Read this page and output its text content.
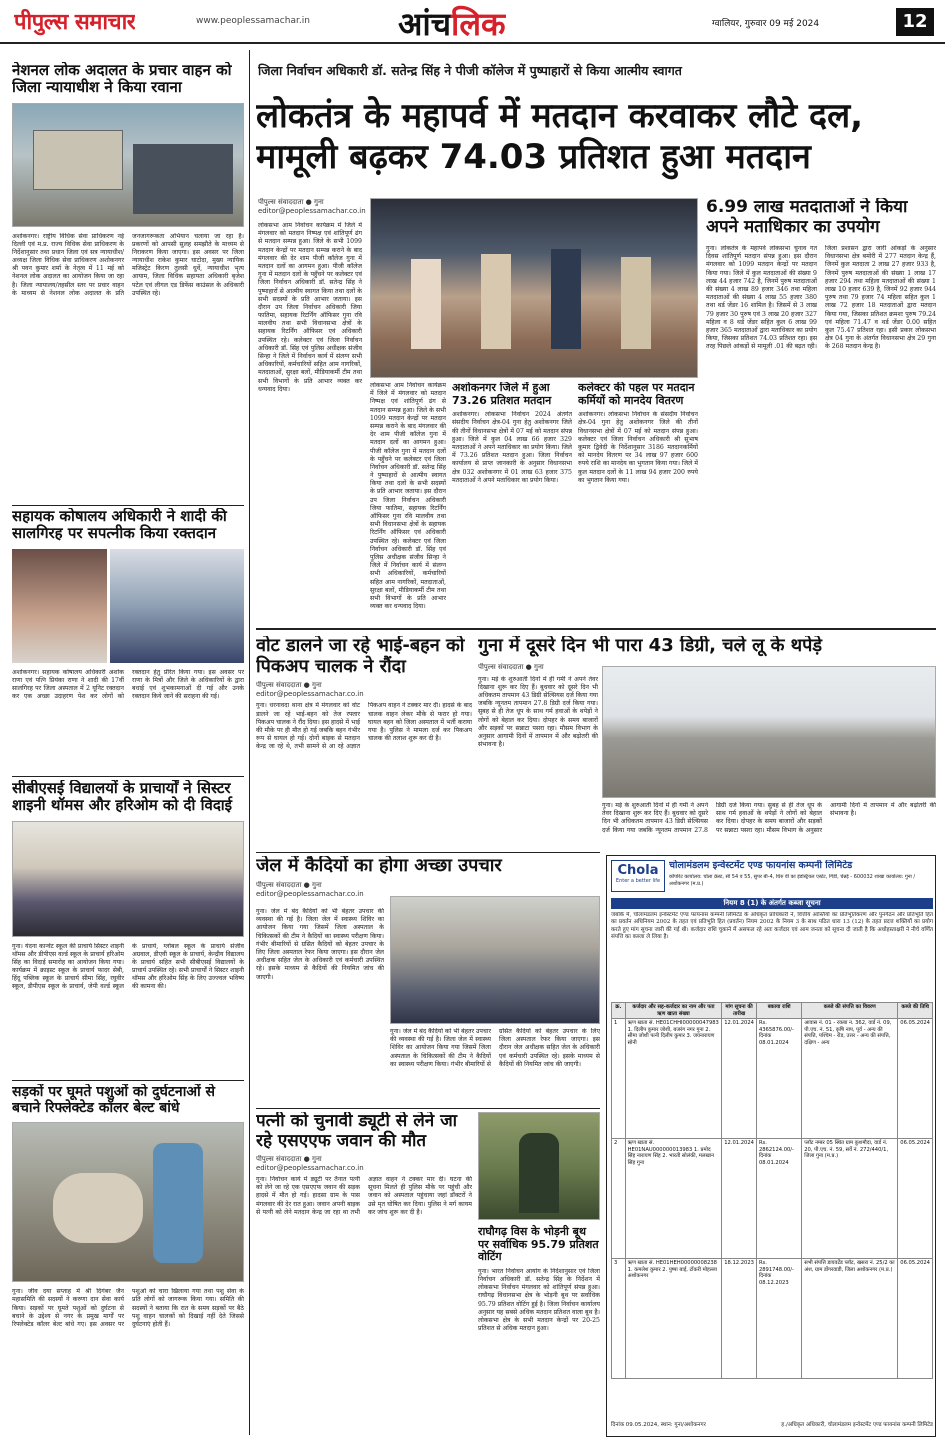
पीपुल्स समाचार	www.peoplessamachar.in	आंचलिक	ग्वालियर, गुरुवार 09 मई 2024	12
नेशनल लोक अदालत के प्रचार वाहन को जिला न्यायाधीश ने किया रवाना
अशोकनगर। राष्ट्रीय विधिक सेवा प्राधिकरण नई दिल्ली एवं म.प्र. राज्य विधिक सेवा प्राधिकरण के निर्देशानुसार तथा प्रधान जिला एवं सत्र न्यायाधीश/अध्यक्ष जिला विधिक सेवा प्राधिकरण अशोकनगर श्री पवन कुमार शर्मा के नेतृत्व में 11 मई को नेशनल लोक अदालत का आयोजन किया जा रहा है। जिला न्यायालय/तहसील स्तर पर प्रचार वाहन के माध्यम से नेशनल लोक अदालत के प्रति जनजागरूकता अभियान चलाया जा रहा है। प्रकरणों को आपसी सुलह समझौते के माध्यम से निराकरण किया जाएगा। इस अवसर पर जिला न्यायाधीश राकेश कुमार घाटोदा, मुख्य न्यायिक मजिस्ट्रेट किरण तुलसी धुर्वे, न्यायाधीश भृत्य आयाम, जिला विधिक सहायता अधिकारी बृजेश पटेल एवं लीगल एड डिफेंस काउंसल के अधिकारी उपस्थित रहे।
सहायक कोषालय अधिकारी ने शादी की सालगिरह पर सपत्नीक किया रक्तदान
अशोकनगर। सहायक कोषालय अधिकारी अशोक राणा एवं पत्नि प्रियंका राणा ने शादी की 17वीं सालगिरह पर जिला अस्पताल में 2 यूनिट रक्तदान कर एक अच्छा उदाहरण पेश कर लोगों को रक्तदान हेतु प्रेरित किया गया। इस अवसर पर राणा के मित्रों और जिले के अधिकारियों के द्वारा बधाई एवं शुभकामनाओं दी गई और उनके रक्तदान किये जाने की सराहना की गई।
सीबीएसई विद्यालयों के प्राचार्यों ने सिस्टर शाइनी थॉमस और हरिओम को दी विदाई
गुना। यंदना कान्वेंट स्कूल की प्राचार्य सिस्टर शाइनी थॉमस और डीपीएस वर्ल्ड स्कूल के प्राचार्य हरिओम सिंह का विदाई समारोह का आयोजन किया गया। कार्यक्रम में क्राइस्ट स्कूल के प्राचार्य फादर सेबी, हिंदू पब्लिक स्कूल के प्राचार्य सीमा सिंह, रघुवीर स्कूल, डीपीएस स्कूल के प्राचार्य, जेपी वर्ल्ड स्कूल के प्राचार्य, ग्लोबल स्कूल के प्राचार्य संजीव अग्रवाल, डीएवी स्कूल के प्राचार्य, केन्द्रीय विद्यालय के प्राचार्य सहित सभी सीबीएसई विद्यालयों के प्राचार्य उपस्थित रहे। सभी प्राचार्यों ने सिस्टर शाइनी थॉमस और हरिओम सिंह के लिए उज्ज्वल भविष्य की कामना की।
सड़कों पर घूमते पशुओं को दुर्घटनाओं से बचाने रिफ्लेक्टेड कॉलर बेल्ट बांधे
गुना। जीव दया सप्ताह में श्री दिगंबर जैन महासमिति की सदस्यों ने करुणा दान सेवा कार्य किया। सड़कों पर घूमते पशुओं को दुर्घटना से बचाने के उद्देश्य से नगर के प्रमुख मार्गों पर रिफ्लेक्टेड कॉलर बेल्ट बांधे गए। इस अवसर पर पशुओं को चारा खिलाया गया तथा पशु सेवा के प्रति लोगों को जागरूक किया गया। समिति की सदस्यों ने बताया कि रात के समय सड़कों पर बैठे पशु वाहन चालकों को दिखाई नहीं देते जिससे दुर्घटनाएं होती हैं।
जिला निर्वाचन अधिकारी डॉ. सतेन्द्र सिंह ने पीजी कॉलेज में पुष्पाहारों से किया आत्मीय स्वागत
लोकतंत्र के महापर्व में मतदान करवाकर लौटे दल, मामूली बढ़कर 74.03 प्रतिशत हुआ मतदान
पीपुल्स संवाददाता ● गुना
editor@peoplessamachar.co.in
लोकसभा आम निर्वाचन कार्यक्रम में जिले में मंगलवार को मतदान निष्पक्ष एवं शांतिपूर्ण ढंग से मतदान सम्पन्न हुआ। जिले के सभी 1099 मतदान केन्द्रों पर मतदान सम्पन्न कराने के बाद मंगलवार की देर शाम पीजी कॉलेज गुना में मतदान दलों का आगमन हुआ। पीजी कॉलेज गुना में मतदान दलों के पहुँचने पर कलेक्टर एवं जिला निर्वाचन अधिकारी डॉ. सतेन्द्र सिंह ने पुष्पाहारों से आत्मीय स्वागत किया तथा दलों के सभी सदस्यों के प्रति आभार जताया। इस दौरान उप जिला निर्वाचन अधिकारी जिया फातिमा, सहायक रिटर्निंग ऑफिसर गुना रवि मालवीय तथा सभी विधानसभा क्षेत्रों के सहायक रिटर्निंग ऑफिसर एवं अधिकारी उपस्थित रहे। कलेक्टर एवं जिला निर्वाचन अधिकारी डॉ. सिंह एवं पुलिस अधीक्षक संजीव सिन्हा ने जिले में निर्वाचन कार्य में संलग्न सभी अधिकारियों, कर्मचारियों सहित आम नागरिकों, मतदाताओं, सुरक्षा बलों, मीडियाकर्मी टीम तथा सभी विभागों के प्रति आभार व्यक्त कर धन्यवाद दिया।	अशोकनगर जिले में हुआ 73.26 प्रतिशत मतदान
अशोकनगर। लोकसभा निर्वाचन 2024 अंतर्गत संसदीय निर्वाचन क्षेत्र-04 गुना हेतु अशोकनगर जिले की तीनों विधानसभा क्षेत्रों में 07 मई को मतदान संपन्न हुआ। जिले में कुल 04 लाख 66 हजार 329 मतदाताओं ने अपने मताधिकार का प्रयोग किया। जिले में 73.26 प्रतिशत मतदान हुआ। जिला निर्वाचन कार्यालय से प्राप्त जानकारी के अनुसार विधानसभा क्षेत्र 032 अशोकनगर में 01 लाख 63 हजार 375 मतदाताओं ने अपने मताधिकार का प्रयोग किया।
लोकसभा आम निर्वाचन कार्यक्रम में जिले में मंगलवार को मतदान निष्पक्ष एवं शांतिपूर्ण ढंग से मतदान सम्पन्न हुआ। जिले के सभी 1099 मतदान केन्द्रों पर मतदान सम्पन्न कराने के बाद मंगलवार की देर शाम पीजी कॉलेज गुना में मतदान दलों का आगमन हुआ। पीजी कॉलेज गुना में मतदान दलों के पहुँचने पर कलेक्टर एवं जिला निर्वाचन अधिकारी डॉ. सतेन्द्र सिंह ने पुष्पाहारों से आत्मीय स्वागत किया तथा दलों के सभी सदस्यों के प्रति आभार जताया। इस दौरान उप जिला निर्वाचन अधिकारी जिया फातिमा, सहायक रिटर्निंग ऑफिसर गुना रवि मालवीय तथा सभी विधानसभा क्षेत्रों के सहायक रिटर्निंग ऑफिसर एवं अधिकारी उपस्थित रहे। कलेक्टर एवं जिला निर्वाचन अधिकारी डॉ. सिंह एवं पुलिस अधीक्षक संजीव सिन्हा ने जिले में निर्वाचन कार्य में संलग्न सभी अधिकारियों, कर्मचारियों सहित आम नागरिकों, मतदाताओं, सुरक्षा बलों, मीडियाकर्मी टीम तथा सभी विभागों के प्रति आभार व्यक्त कर धन्यवाद दिया।
कलेक्टर की पहल पर मतदान कर्मियों को मानदेय वितरण
अशोकनगर। लोकसभा निर्वाचन के संसदीय निर्वाचन क्षेत्र-04 गुना हेतु अशोकनगर जिले की तीनों विधानसभा क्षेत्रों में 07 मई को मतदान संपन्न हुआ। कलेक्टर एवं जिला निर्वाचन अधिकारी श्री सुभाष कुमार द्विवेदी के निर्देशानुसार 3186 मतदानकर्मियों को मानदेय वितरण पर 34 लाख 97 हजार 600 रुपये राशि का मानदेय का भुगतान किया गया। जिले में कुल मतदान दलों के 11 लाख 94 हजार 200 रुपये का भुगतान किया गया।
6.99 लाख मतदाताओं ने किया अपने मताधिकार का उपयोग
गुना। लोकतंत्र के महापर्व लोकसभा चुनाव गत दिवस शांतिपूर्ण मतदान संपन्न हुआ। इस दौरान मंगलवार को 1099 मतदान केन्द्रों पर मतदान किया गया। जिले में कुल मतदाताओं की संख्या 9 लाख 44 हजार 742 है, जिनमें पुरुष मतदाताओं की संख्या 4 लाख 89 हजार 346 तथा महिला मतदाताओं की संख्या 4 लाख 55 हजार 380 तथा थर्ड जेंडर 16 शामिल है। जिसमें से 3 लाख 79 हजार 30 पुरुष एवं 3 लाख 20 हजार 327 महिला व 8 थर्ड जेंडर सहित कुल 6 लाख 99 हजार 365 मतदाताओं द्वारा मताधिकार का प्रयोग किया, जिसका प्रतिशत 74.03 प्रतिशत रहा। इस तरह पिछले आंकड़ों से मामूली .01 की बढ़त रही। जिला प्रशासन द्वारा जारी आंकड़ों के अनुसार विधानसभा क्षेत्र बमोरी में 277 मतदान केन्द्र हैं, जिनमें कुल मतदाता 2 लाख 27 हजार 933 है, जिनमें पुरुष मतदाताओं की संख्या 1 लाख 17 हजार 294 तथा महिला मतदाताओं की संख्या 1 लाख 10 हजार 639 है, जिनमें 92 हजार 944 पुरुष तथा 79 हजार 74 महिला सहित कुल 1 लाख 72 हजार 18 मतदाताओं द्वारा मतदान किया गया, जिसका प्रतिशत क्रमशः पुरुष 79.24 एवं महिला 71.47 व थर्ड जेंडर 0.00 सहित कुल 75.47 प्रतिशत रहा। इसी प्रकार लोकसभा क्षेत्र 04 गुना के अंतर्गत विधानसभा क्षेत्र 29 गुना के 268 मतदान केन्द्र है।
वोट डालने जा रहे भाई-बहन को पिकअप चालक ने रौंदा
पीपुल्स संवाददाता ● गुना
editor@peoplessamachar.co.in
गुना। धरनावदा थाना क्षेत्र में मंगलवार को वोट डालने जा रहे भाई-बहन को तेज रफ्तार पिकअप चालक ने रौंद दिया। इस हादसे में भाई की मौके पर ही मौत हो गई जबकि बहन गंभीर रूप से घायल हो गई। दोनों बाइक से मतदान केन्द्र जा रहे थे, तभी सामने से आ रहे अज्ञात पिकअप वाहन ने टक्कर मार दी। हादसे के बाद चालक वाहन लेकर मौके से फरार हो गया। घायल बहन को जिला अस्पताल में भर्ती कराया गया है। पुलिस ने मामला दर्ज कर पिकअप चालक की तलाश शुरू कर दी है।
गुना में दूसरे दिन भी पारा 43 डिग्री, चले लू के थपेड़े
पीपुल्स संवाददाता ● गुना
गुना। मई के शुरुआती दिनों में ही गर्मी ने अपने तेवर दिखाना शुरू कर दिए हैं। बुधवार को दूसरे दिन भी अधिकतम तापमान 43 डिग्री सेल्सियस दर्ज किया गया जबकि न्यूनतम तापमान 27.8 डिग्री दर्ज किया गया। सुबह से ही तेज धूप के साथ गर्म हवाओं के थपेड़ों ने लोगों को बेहाल कर दिया। दोपहर के समय बाजारों और सड़कों पर सन्नाटा पसरा रहा। मौसम विभाग के अनुसार आगामी दिनों में तापमान में और बढ़ोतरी की संभावना है।
गुना। मई के शुरुआती दिनों में ही गर्मी ने अपने तेवर दिखाना शुरू कर दिए हैं। बुधवार को दूसरे दिन भी अधिकतम तापमान 43 डिग्री सेल्सियस दर्ज किया गया जबकि न्यूनतम तापमान 27.8 डिग्री दर्ज किया गया। सुबह से ही तेज धूप के साथ गर्म हवाओं के थपेड़ों ने लोगों को बेहाल कर दिया। दोपहर के समय बाजारों और सड़कों पर सन्नाटा पसरा रहा। मौसम विभाग के अनुसार आगामी दिनों में तापमान में और बढ़ोतरी की संभावना है।
जेल में कैदियों का होगा अच्छा उपचार
पीपुल्स संवाददाता ● गुना
editor@peoplessamachar.co.in
गुना। जेल में बंद कैदियों को भी बेहतर उपचार की व्यवस्था की गई है। जिला जेल में स्वास्थ्य शिविर का आयोजन किया गया जिसमें जिला अस्पताल के चिकित्सकों की टीम ने कैदियों का स्वास्थ्य परीक्षण किया। गंभीर बीमारियों से ग्रसित कैदियों को बेहतर उपचार के लिए जिला अस्पताल रेफर किया जाएगा। इस दौरान जेल अधीक्षक सहित जेल के अधिकारी एवं कर्मचारी उपस्थित रहे। इसके माध्यम से कैदियों की नियमित जांच की जाएगी।
गुना। जेल में बंद कैदियों को भी बेहतर उपचार की व्यवस्था की गई है। जिला जेल में स्वास्थ्य शिविर का आयोजन किया गया जिसमें जिला अस्पताल के चिकित्सकों की टीम ने कैदियों का स्वास्थ्य परीक्षण किया। गंभीर बीमारियों से ग्रसित कैदियों को बेहतर उपचार के लिए जिला अस्पताल रेफर किया जाएगा। इस दौरान जेल अधीक्षक सहित जेल के अधिकारी एवं कर्मचारी उपस्थित रहे। इसके माध्यम से कैदियों की नियमित जांच की जाएगी।
पत्नी को चुनावी ड्यूटी से लेने जा रहे एसएएफ जवान की मौत
पीपुल्स संवाददाता ● गुना
editor@peoplessamachar.co.in
गुना। निर्वाचन कार्य में ड्यूटी पर तैनात पत्नी को लेने जा रहे एक एसएएफ जवान की सड़क हादसे में मौत हो गई। हादसा ग्राम के पास मंगलवार की देर रात हुआ। जवान अपनी बाइक से पत्नी को लेने मतदान केन्द्र जा रहा था तभी अज्ञात वाहन ने टक्कर मार दी। घटना की सूचना मिलते ही पुलिस मौके पर पहुंची और जवान को अस्पताल पहुंचाया जहां डॉक्टरों ने उसे मृत घोषित कर दिया। पुलिस ने मर्ग कायम कर जांच शुरू कर दी है।
राघौगढ़ विस के भोड़नी बूथ पर सर्वाधिक 95.79 प्रतिशत वोटिंग
गुना। भारत निर्वाचन आयोग के निर्देशानुसार एवं जिला निर्वाचन अधिकारी डॉ. सतेन्द्र सिंह के निर्देशन में लोकसभा निर्वाचन मंगलवार को शांतिपूर्ण संपन्न हुआ। राघौगढ़ विधानसभा क्षेत्र के भोड़नी बूथ पर सर्वाधिक 95.79 प्रतिशत वोटिंग हुई है। जिला निर्वाचन कार्यालय अनुसार यह सबसे अधिक मतदान प्रतिशत वाला बूथ है। लोकसभा क्षेत्र के सभी मतदान केन्द्रों पर 20-25 प्रतिशत से अधिक मतदान हुआ।
Chola
Enter a better life
चोलामंडलम इन्वेस्टमेंट एण्ड फायनांस कम्पनी लिमिटेड
कॉर्पोरेट कार्यालय: चोला क्रेस्ट, सी 54 व 55, सुपर बी-4, थिरु वी का इंडस्ट्रियल एस्टेट, गिंडी, चेन्नई - 600032 शाखा कार्यालय: गुना / अशोकनगर (म.प्र.)
नियम 8 (1) के अंतर्गत कब्जा सूचना
जबकि में, चोलामंडलम इन्वेस्टमेंट एण्ड फायनांस कम्पनी लिमिटेड के अधिकृत प्राधिकारी ने, वित्तीय आस्तियों का प्रतिभूतिकरण और पुनर्गठन और प्रतिभूति हित का प्रवर्तन अधिनियम 2002 के तहत एवं प्रतिभूति हित (प्रवर्तन) नियम 2002 के नियम 3 के साथ पठित धारा 13 (12) के तहत प्रदत्त शक्तियों का प्रयोग करते हुए मांग सूचना जारी की गई थी। कर्जदार राशि चुकाने में असफल रहे अतः कर्जदार एवं आम जनता को सूचना दी जाती है कि अधोहस्ताक्षरी ने नीचे वर्णित संपत्ति का कब्जा ले लिया है।
क्र.	कर्जदार और सह-कर्जदार का नाम और पता ऋण खाता संख्या	मांग सूचना की तारीख	बकाया राशि	कब्जे की संपत्ति का विवरण	कब्जे की तिथि
1	ऋण खाता सं. HE01CHHI00000047983 1. दिलीप कुमार जोशी, बजरंग नगर गुना 2. सीमा जोशी पत्नी दिलीप कुमार 3. जयनारायण सोनी	12.01.2024	Rs. 4365876.00/- दिनांक 08.01.2024	आवास नं. 01 - रकबा न. 362, वार्ड नं. 09, पी.एच. नं. 51, कृषि नाप, पूर्व - अन्य की संपत्ति, पश्चिम - रोड, उत्तर - अन्य की संपत्ति, दक्षिण - अन्य	06.05.2024
2	ऋण खाता सं. HE01NAU000000013983 1. प्रमोद सिंह नारायण सिंह 2. भारती सोलंकी, मलखान सिंह गुना	12.01.2024	Rs. 2862124.00/- दिनांक 08.01.2024	प्लॉट नम्बर 05 स्थित ग्राम कुशमौदा, वार्ड नं. 20, पी.एच. नं. 59, सर्वे नं. 272/440/1, जिला गुना (म.प्र.)	06.05.2024
3	ऋण खाता सं. HE01HEH00000008238 1. कमलेश कुमार 2. पुष्पा बाई, टोंकरी मोहल्ला अशोकनगर	18.12.2023	Rs. 2891748.00/- दिनांक 08.12.2023	सभी संपत्ति डायवर्टेड प्लॉट, खसरा नं. 25/2 का अंश, ग्राम डोंगरवाडी, जिला अशोकनगर (म.प्र.)	06.05.2024
दिनांक 09.05.2024, स्थान: गुना/अशोकनगर	ह./अधिकृत अधिकारी, चोलामंडलम इन्वेस्टमेंट एण्ड फायनांस कम्पनी लिमिटेड
